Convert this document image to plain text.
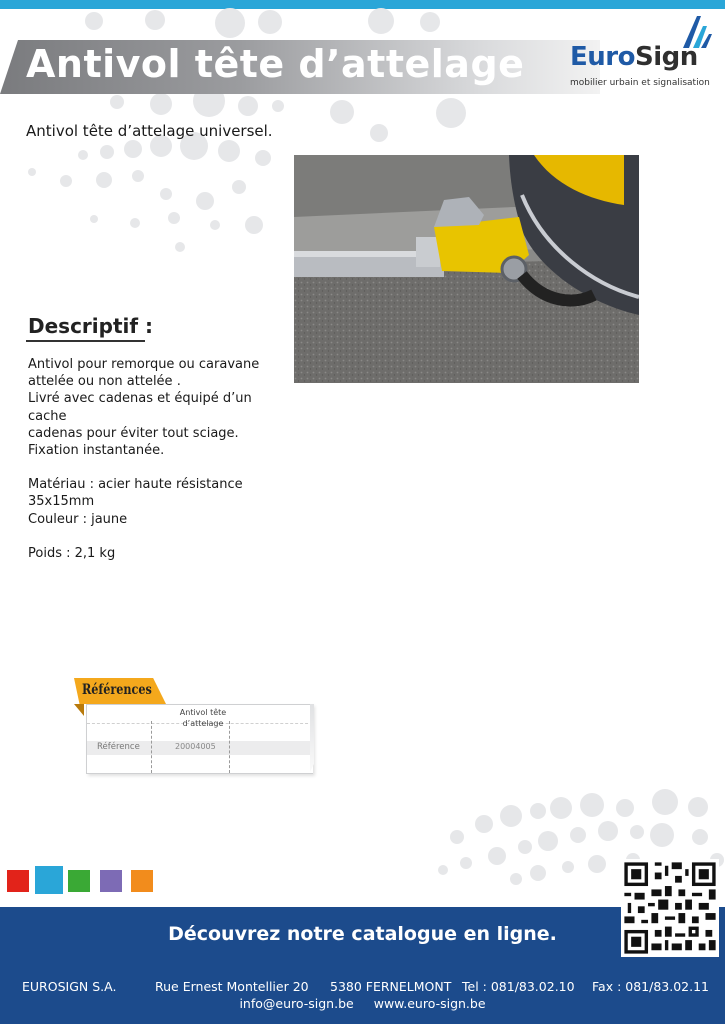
Antivol tête d’attelage EuroSign
mobilier urbain et signalisation
Antivol tête d’attelage universel.
Descriptif :

Antivol pour remorque ou caravane

attelée ou non attelée .

Livré avec cadenas et équipé d’un cache

cadenas pour éviter tout sciage.

Fixation instantanée.

Matériau : acier haute résistance

35x15mm

Couleur : jaune

Poids : 2,1 kg

Antivol tête d’attelage
Référence	20004005
Références
Découvrez notre catalogue en ligne.
EUROSIGN S.A.	Rue Ernest Montellier 20 5380 FERNELMONT Tel : 081/83.02.10 Fax : 081/83.02.11
info@euro-sign.be www.euro-sign.be
